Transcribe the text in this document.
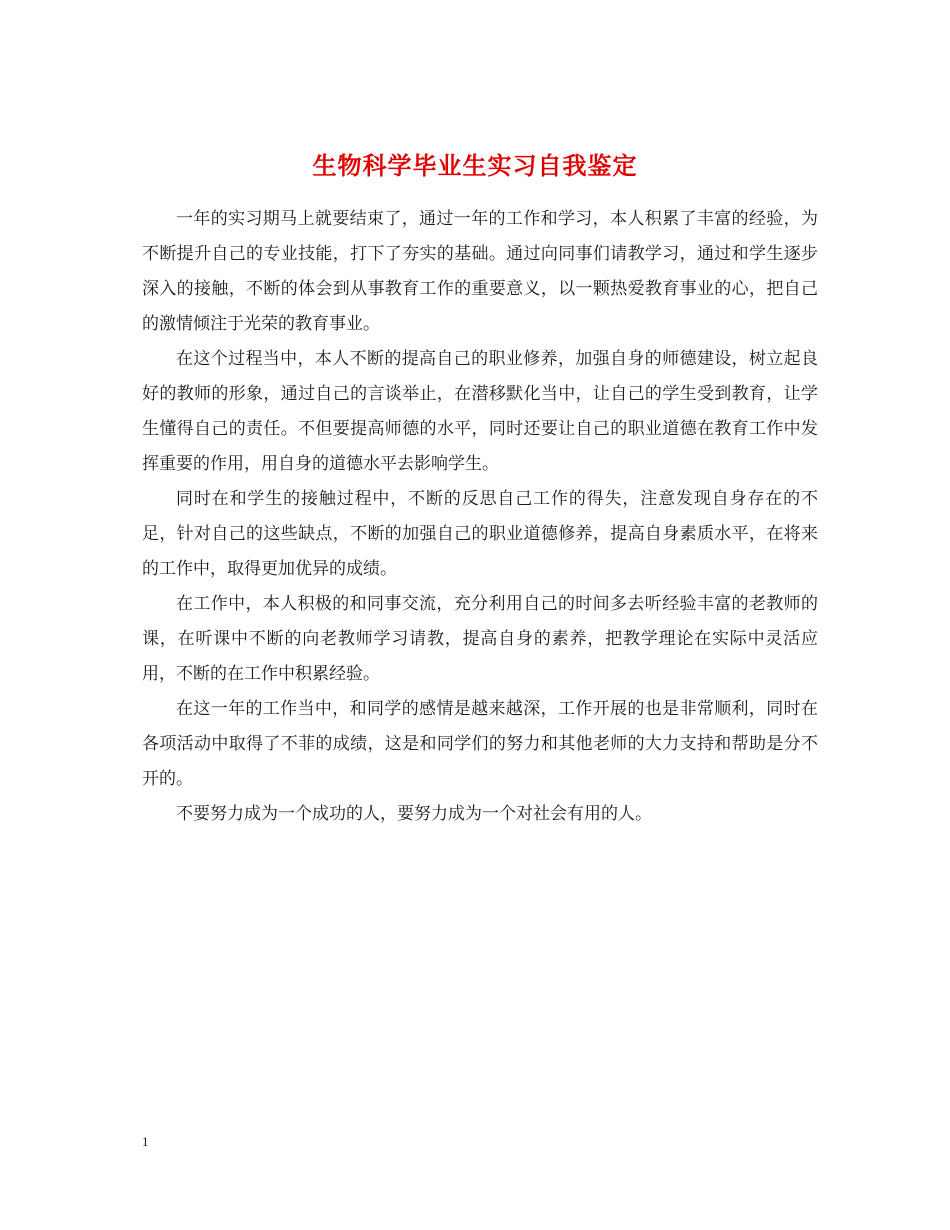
生物科学毕业生实习自我鉴定

一年的实习期马上就要结束了，通过一年的工作和学习，本人积累了丰富的经验，为不断提升自己的专业技能，打下了夯实的基础。通过向同事们请教学习，通过和学生逐步深入的接触，不断的体会到从事教育工作的重要意义，以一颗热爱教育事业的心，把自己的激情倾注于光荣的教育事业。

在这个过程当中，本人不断的提高自己的职业修养，加强自身的师德建设，树立起良好的教师的形象，通过自己的言谈举止，在潜移默化当中，让自己的学生受到教育，让学生懂得自己的责任。不但要提高师德的水平，同时还要让自己的职业道德在教育工作中发挥重要的作用，用自身的道德水平去影响学生。

同时在和学生的接触过程中，不断的反思自己工作的得失，注意发现自身存在的不足，针对自己的这些缺点，不断的加强自己的职业道德修养，提高自身素质水平，在将来的工作中，取得更加优异的成绩。

在工作中，本人积极的和同事交流，充分利用自己的时间多去听经验丰富的老教师的课，在听课中不断的向老教师学习请教，提高自身的素养，把教学理论在实际中灵活应用，不断的在工作中积累经验。

在这一年的工作当中，和同学的感情是越来越深，工作开展的也是非常顺利，同时在各项活动中取得了不菲的成绩，这是和同学们的努力和其他老师的大力支持和帮助是分不开的。

不要努力成为一个成功的人，要努力成为一个对社会有用的人。

1
